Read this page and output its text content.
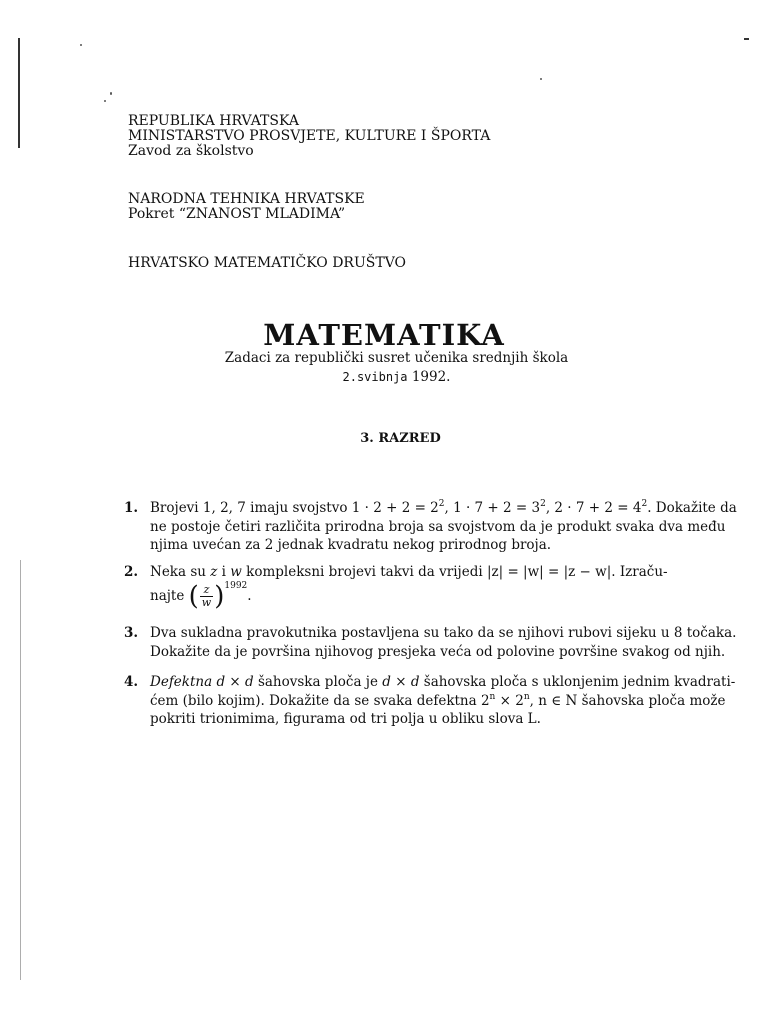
REPUBLIKA HRVATSKA
MINISTARSTVO PROSVJETE, KULTURE I ŠPORTA
Zavod za školstvo
NARODNA TEHNIKA HRVATSKE
Pokret “ZNANOST MLADIMA”
HRVATSKO MATEMATIČKO DRUŠTVO
MATEMATIKA
Zadaci za republički susret učenika srednjih škola
2.svibnja 1992.
3. RAZRED
1. Brojevi 1, 2, 7 imaju svojstvo $1 \cdot 2 + 2 = 2^2$, $1 \cdot 7 + 2 = 3^2$, $2 \cdot 7 + 2 = 4^2$. Dokažite da
ne postoje četiri različita prirodna broja sa svojstvom da je produkt svaka dva među
njima uvećan za 2 jednak kvadratu nekog prirodnog broja.
2. Neka su z i w kompleksni brojevi takvi da vrijedi |z| = |w| = |z − w|. Izraču-
najte ( $\frac{z}{w} )^{1992}$.
3. Dva sukladna pravokutnika postavljena su tako da se njihovi rubovi sijeku u 8 točaka.
Dokažite da je površina njihovog presjeka veća od polovine površine svakog od njih.
4. Defektna d × d šahovska ploča je d × d šahovska ploča s uklonjenim jednim kvadrati-
ćem (bilo kojim). Dokažite da se svaka defektna $2^n \times 2^n$, n ∈ N šahovska ploča može
pokriti trionimima, figurama od tri polja u obliku slova L.
